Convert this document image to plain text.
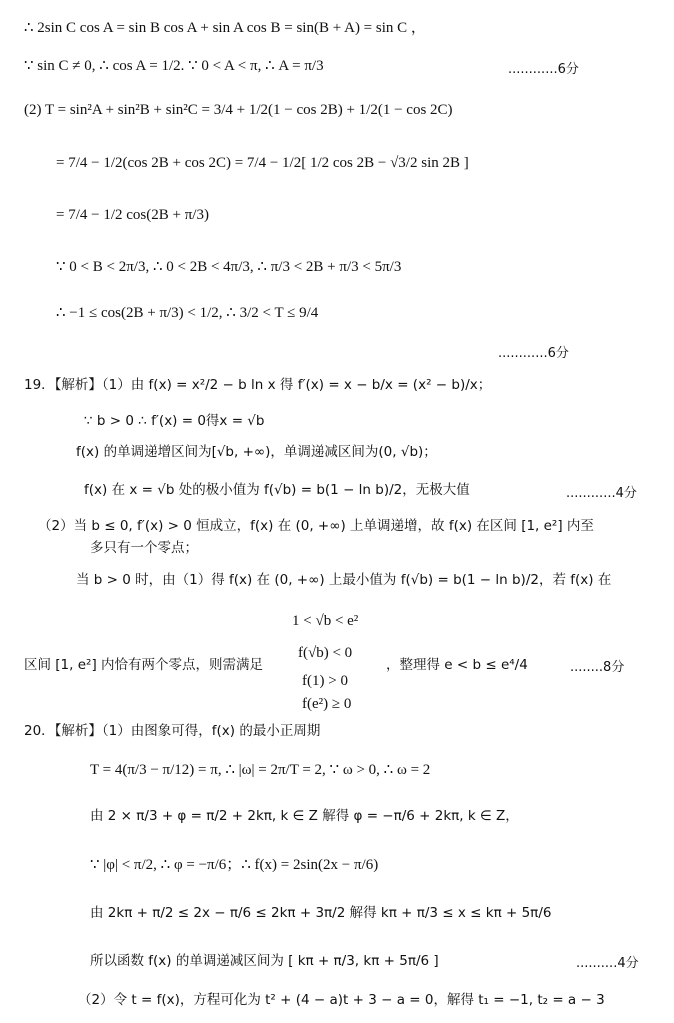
∴ 2sin C cos A = sin B cos A + sin A cos B = sin(B + A) = sin C ，
∵ sin C ≠ 0, ∴ cos A = 1/2. ∵ 0 < A < π, ∴ A = π/3	............6分
(2) T = sin²A + sin²B + sin²C = 3/4 + 1/2(1 − cos 2B) + 1/2(1 − cos 2C)
= 7/4 − 1/2(cos 2B + cos 2C) = 7/4 − 1/2[ 1/2 cos 2B − √3/2 sin 2B ]
= 7/4 − 1/2 cos(2B + π/3)
∵ 0 < B < 2π/3, ∴ 0 < 2B < 4π/3, ∴ π/3 < 2B + π/3 < 5π/3
∴ −1 ≤ cos(2B + π/3) < 1/2, ∴ 3/2 < T ≤ 9/4
............6分
19．【解析】（1）由 f(x) = x²/2 − b ln x 得 f′(x) = x − b/x = (x² − b)/x；
∵ b > 0 ∴ f′(x) = 0得x = √b
f(x) 的单调递增区间为[√b, +∞)，单调递减区间为(0, √b)；
f(x) 在 x = √b 处的极小值为 f(√b) = b(1 − ln b)/2，无极大值	............4分
（2）当 b ≤ 0, f′(x) > 0 恒成立，f(x) 在 (0, +∞) 上单调递增，故 f(x) 在区间 [1, e²] 内至
多只有一个零点；
当 b > 0 时，由（1）得 f(x) 在 (0, +∞) 上最小值为 f(√b) = b(1 − ln b)/2，若 f(x) 在
1 < √b < e²
区间 [1, e²] 内恰有两个零点，则需满足
f(√b) < 0
，整理得 e < b ≤ e⁴/4	........8分
f(1) > 0
f(e²) ≥ 0
20．【解析】（1）由图象可得，f(x) 的最小正周期
T = 4(π/3 − π/12) = π, ∴ |ω| = 2π/T = 2, ∵ ω > 0, ∴ ω = 2
由 2 × π/3 + φ = π/2 + 2kπ, k ∈ Z 解得 φ = −π/6 + 2kπ, k ∈ Z，
∵ |φ| < π/2, ∴ φ = −π/6；∴ f(x) = 2sin(2x − π/6)
由 2kπ + π/2 ≤ 2x − π/6 ≤ 2kπ + 3π/2 解得 kπ + π/3 ≤ x ≤ kπ + 5π/6
所以函数 f(x) 的单调递减区间为 [ kπ + π/3, kπ + 5π/6 ]	..........4分
（2）令 t = f(x)，方程可化为 t² + (4 − a)t + 3 − a = 0，解得 t₁ = −1, t₂ = a − 3
